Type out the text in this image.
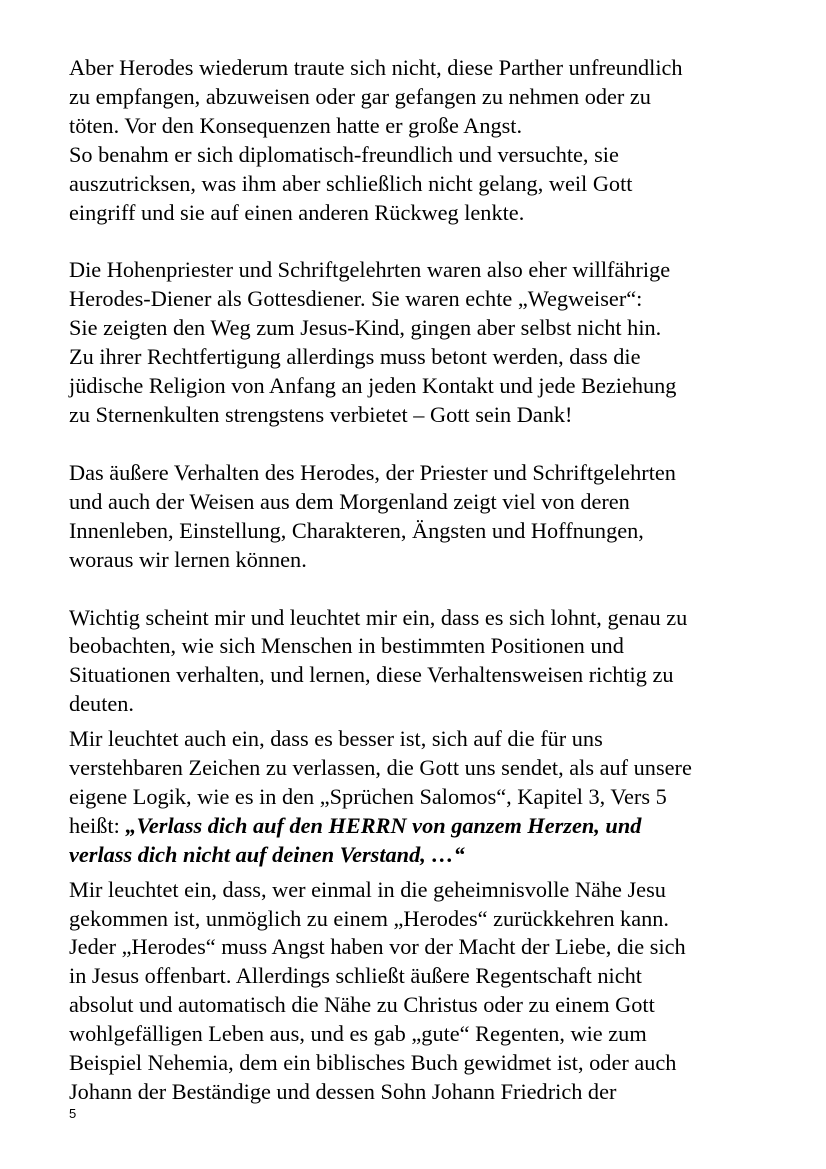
Aber Herodes wiederum traute sich nicht, diese Parther unfreundlich

zu empfangen, abzuweisen oder gar gefangen zu nehmen oder zu

töten. Vor den Konsequenzen hatte er große Angst.

So benahm er sich diplomatisch-freundlich und versuchte, sie

auszutricksen, was ihm aber schließlich nicht gelang, weil Gott

eingriff und sie auf einen anderen Rückweg lenkte.

Die Hohenpriester und Schriftgelehrten waren also eher willfährige

Herodes-Diener als Gottesdiener. Sie waren echte „Wegweiser“:

Sie zeigten den Weg zum Jesus-Kind, gingen aber selbst nicht hin.

Zu ihrer Rechtfertigung allerdings muss betont werden, dass die

jüdische Religion von Anfang an jeden Kontakt und jede Beziehung

zu Sternenkulten strengstens verbietet – Gott sein Dank!

Das äußere Verhalten des Herodes, der Priester und Schriftgelehrten

und auch der Weisen aus dem Morgenland zeigt viel von deren

Innenleben, Einstellung, Charakteren, Ängsten und Hoffnungen,

woraus wir lernen können.

Wichtig scheint mir und leuchtet mir ein, dass es sich lohnt, genau zu

beobachten, wie sich Menschen in bestimmten Positionen und

Situationen verhalten, und lernen, diese Verhaltensweisen richtig zu

deuten.

Mir leuchtet auch ein, dass es besser ist, sich auf die für uns

verstehbaren Zeichen zu verlassen, die Gott uns sendet, als auf unsere

eigene Logik, wie es in den „Sprüchen Salomos“, Kapitel 3, Vers 5

heißt: „Verlass dich auf den HERRN von ganzem Herzen, und

verlass dich nicht auf deinen Verstand, …“

Mir leuchtet ein, dass, wer einmal in die geheimnisvolle Nähe Jesu

gekommen ist, unmöglich zu einem „Herodes“ zurückkehren kann.

Jeder „Herodes“ muss Angst haben vor der Macht der Liebe, die sich

in Jesus offenbart. Allerdings schließt äußere Regentschaft nicht

absolut und automatisch die Nähe zu Christus oder zu einem Gott

wohlgefälligen Leben aus, und es gab „gute“ Regenten, wie zum

Beispiel Nehemia, dem ein biblisches Buch gewidmet ist, oder auch

Johann der Beständige und dessen Sohn Johann Friedrich der

5
